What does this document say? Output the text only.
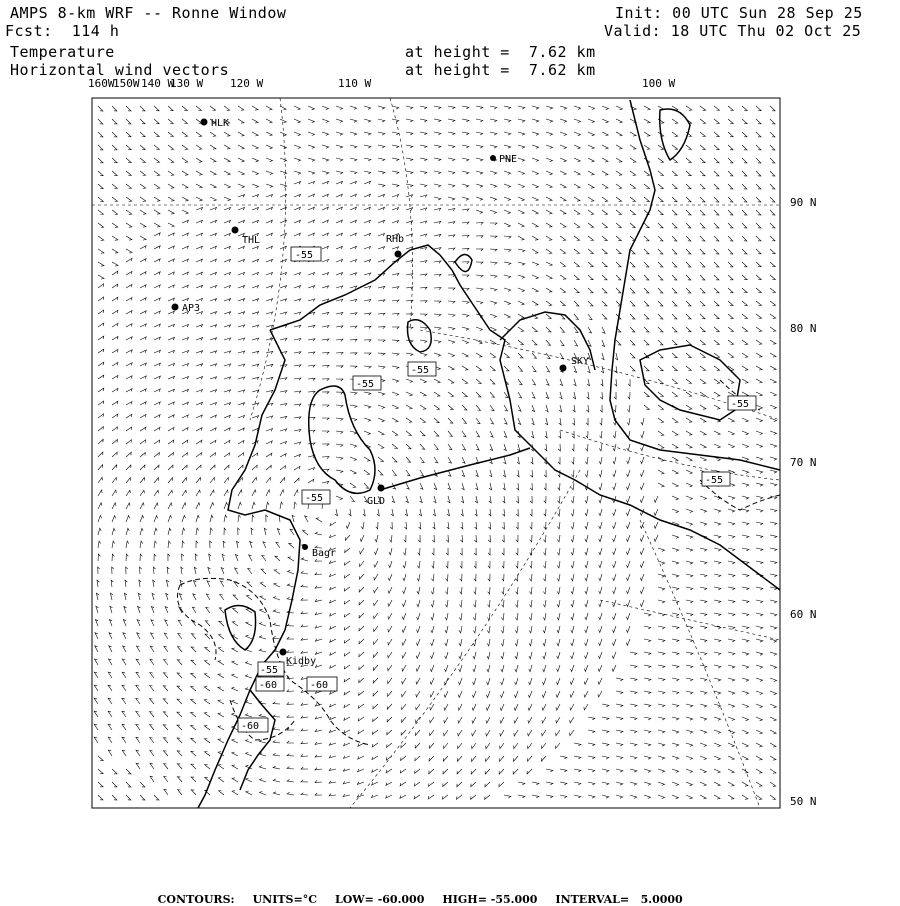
AMPS 8-km WRF -- Ronne Window
Fcst:  114 h
Init: 00 UTC Sun 28 Sep 25
Valid: 18 UTC Thu 02 Oct 25
Temperature
Horizontal wind vectors
at height =  7.62 km
at height =  7.62 km
160W
150W 140 W
130 W 120 W	110 W	100 W
90 N
80 N
70 N
60 N
50 N
-55
-55
-55
-55
-55
-55
-55
-60
-60
-60
HLK
PNE
THL	RHb
AP3
SKY
GLD
Bagr
Kidby

CONTOURS: UNITS=°C LOW= -60.000 HIGH= -55.000 INTERVAL=   5.0000
